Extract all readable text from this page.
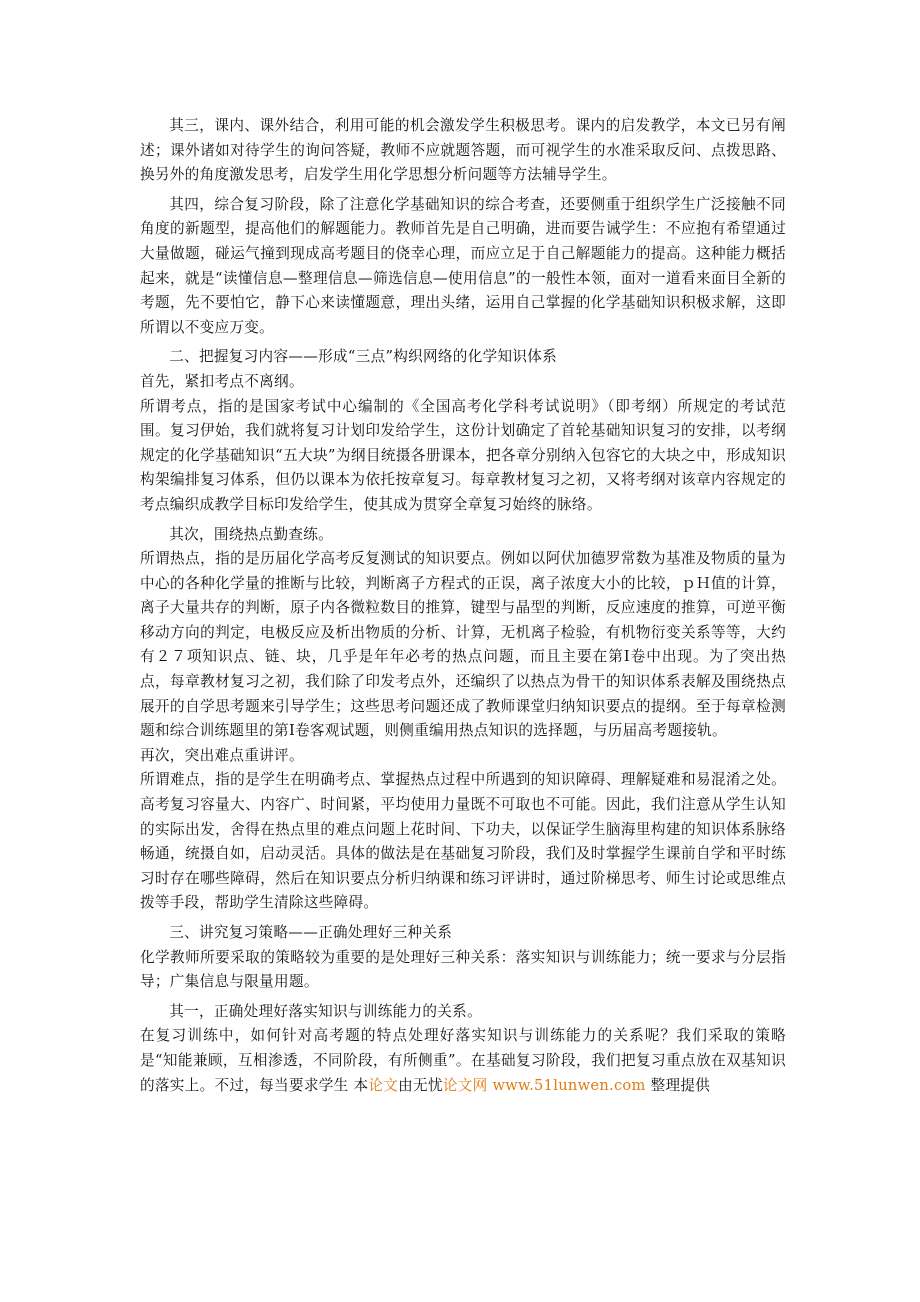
其三，课内、课外结合，利用可能的机会激发学生积极思考。课内的启发教学，本文已另有阐述；课外诸如对待学生的询问答疑，教师不应就题答题，而可视学生的水准采取反问、点拨思路、换另外的角度激发思考，启发学生用化学思想分析问题等方法辅导学生。

其四，综合复习阶段，除了注意化学基础知识的综合考查，还要侧重于组织学生广泛接触不同角度的新题型，提高他们的解题能力。教师首先是自己明确，进而要告诫学生：不应抱有希望通过大量做题，碰运气撞到现成高考题目的侥幸心理，而应立足于自己解题能力的提高。这种能力概括起来，就是“读懂信息—整理信息—筛选信息—使用信息”的一般性本领，面对一道看来面目全新的考题，先不要怕它，静下心来读懂题意，理出头绪，运用自己掌握的化学基础知识积极求解，这即所谓以不变应万变。

二、把握复习内容——形成“三点”构织网络的化学知识体系

首先，紧扣考点不离纲。

所谓考点，指的是国家考试中心编制的《全国高考化学科考试说明》（即考纲）所规定的考试范围。复习伊始，我们就将复习计划印发给学生，这份计划确定了首轮基础知识复习的安排，以考纲规定的化学基础知识“五大块”为纲目统摄各册课本，把各章分别纳入包容它的大块之中，形成知识构架编排复习体系，但仍以课本为依托按章复习。每章教材复习之初，又将考纲对该章内容规定的考点编织成教学目标印发给学生，使其成为贯穿全章复习始终的脉络。

其次，围绕热点勤查练。

所谓热点，指的是历届化学高考反复测试的知识要点。例如以阿伏加德罗常数为基准及物质的量为中心的各种化学量的推断与比较，判断离子方程式的正误，离子浓度大小的比较，ｐＨ值的计算，离子大量共存的判断，原子内各微粒数目的推算，键型与晶型的判断，反应速度的推算，可逆平衡移动方向的判定，电极反应及析出物质的分析、计算，无机离子检验，有机物衍变关系等等，大约有２７项知识点、链、块，几乎是年年必考的热点问题，而且主要在第Ⅰ卷中出现。为了突出热点，每章教材复习之初，我们除了印发考点外，还编织了以热点为骨干的知识体系表解及围绕热点展开的自学思考题来引导学生；这些思考问题还成了教师课堂归纳知识要点的提纲。至于每章检测题和综合训练题里的第Ⅰ卷客观试题，则侧重编用热点知识的选择题，与历届高考题接轨。

再次，突出难点重讲评。

所谓难点，指的是学生在明确考点、掌握热点过程中所遇到的知识障碍、理解疑难和易混淆之处。高考复习容量大、内容广、时间紧，平均使用力量既不可取也不可能。因此，我们注意从学生认知的实际出发，舍得在热点里的难点问题上花时间、下功夫，以保证学生脑海里构建的知识体系脉络畅通，统摄自如，启动灵活。具体的做法是在基础复习阶段，我们及时掌握学生课前自学和平时练习时存在哪些障碍，然后在知识要点分析归纳课和练习评讲时，通过阶梯思考、师生讨论或思维点拨等手段，帮助学生清除这些障碍。

三、讲究复习策略——正确处理好三种关系

化学教师所要采取的策略较为重要的是处理好三种关系：落实知识与训练能力；统一要求与分层指导；广集信息与限量用题。

其一，正确处理好落实知识与训练能力的关系。

在复习训练中，如何针对高考题的特点处理好落实知识与训练能力的关系呢？我们采取的策略是“知能兼顾，互相渗透，不同阶段，有所侧重”。在基础复习阶段，我们把复习重点放在双基知识的落实上。不过，每当要求学生 本论文由无忧论文网 www.51lunwen.com 整理提供
